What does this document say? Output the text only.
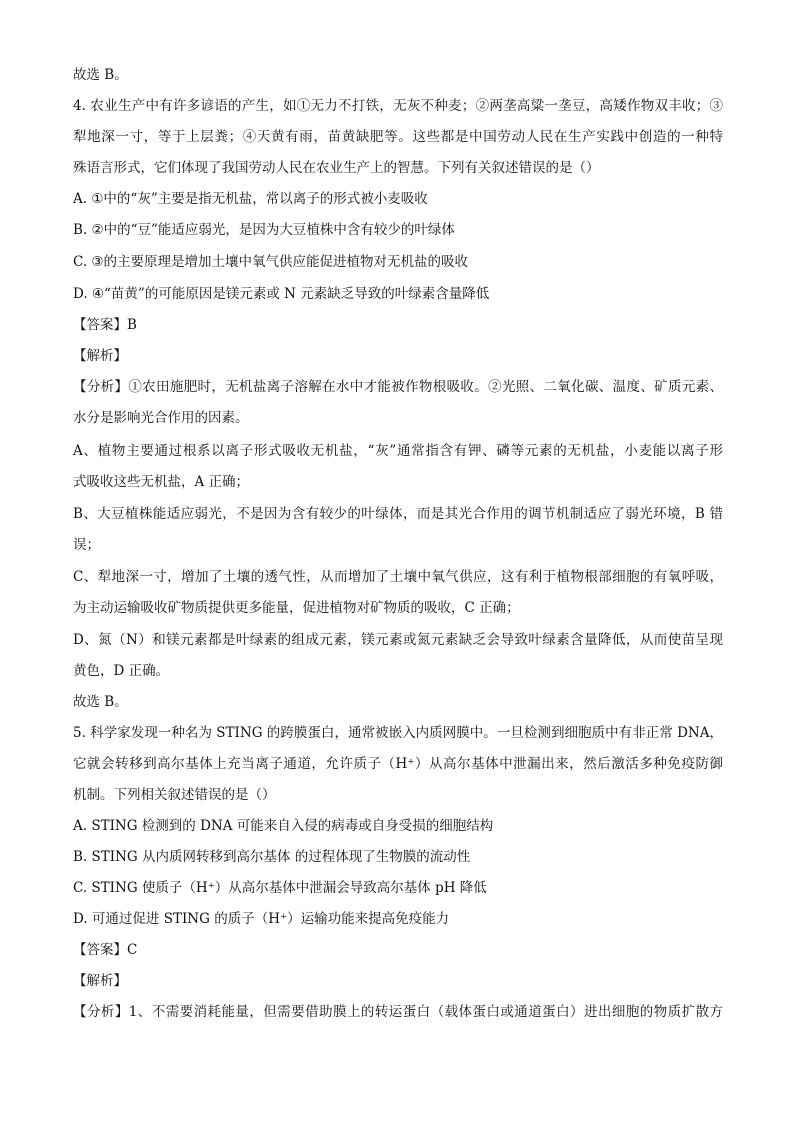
故选 B。
4. 农业生产中有许多谚语的产生，如①无力不打铁，无灰不种麦；②两垄高粱一垄豆，高矮作物双丰收；③
犁地深一寸，等于上层粪；④天黄有雨，苗黄缺肥等。这些都是中国劳动人民在生产实践中创造的一种特
殊语言形式，它们体现了我国劳动人民在农业生产上的智慧。下列有关叙述错误的是（）
A. ①中的“灰”主要是指无机盐，常以离子的形式被小麦吸收
B. ②中的“豆”能适应弱光，是因为大豆植株中含有较少的叶绿体
C. ③的主要原理是增加土壤中氧气供应能促进植物对无机盐的吸收
D. ④“苗黄”的可能原因是镁元素或 N 元素缺乏导致的叶绿素含量降低
【答案】B
【解析】
【分析】①农田施肥时，无机盐离子溶解在水中才能被作物根吸收。②光照、二氧化碳、温度、矿质元素、
水分是影响光合作用的因素。
A、植物主要通过根系以离子形式吸收无机盐，“灰”通常指含有钾、磷等元素的无机盐，小麦能以离子形
式吸收这些无机盐，A 正确；
B、大豆植株能适应弱光，不是因为含有较少的叶绿体，而是其光合作用的调节机制适应了弱光环境，B 错
误；
C、犁地深一寸，增加了土壤的透气性，从而增加了土壤中氧气供应，这有利于植物根部细胞的有氧呼吸，
为主动运输吸收矿物质提供更多能量，促进植物对矿物质的吸收，C 正确；
D、氮（N）和镁元素都是叶绿素的组成元素，镁元素或氮元素缺乏会导致叶绿素含量降低，从而使苗呈现
黄色，D 正确。
故选 B。
5. 科学家发现一种名为 STING 的跨膜蛋白，通常被嵌入内质网膜中。一旦检测到细胞质中有非正常 DNA，
它就会转移到高尔基体上充当离子通道，允许质子（H⁺）从高尔基体中泄漏出来，然后激活多种免疫防御
机制。下列相关叙述错误的是（）
A. STING 检测到的 DNA 可能来自入侵的病毒或自身受损的细胞结构
B. STING 从内质网转移到高尔基体 的过程体现了生物膜的流动性
C. STING 使质子（H⁺）从高尔基体中泄漏会导致高尔基体 pH 降低
D. 可通过促进 STING 的质子（H⁺）运输功能来提高免疫能力
【答案】C
【解析】
【分析】1、不需要消耗能量，但需要借助膜上的转运蛋白（载体蛋白或通道蛋白）进出细胞的物质扩散方
